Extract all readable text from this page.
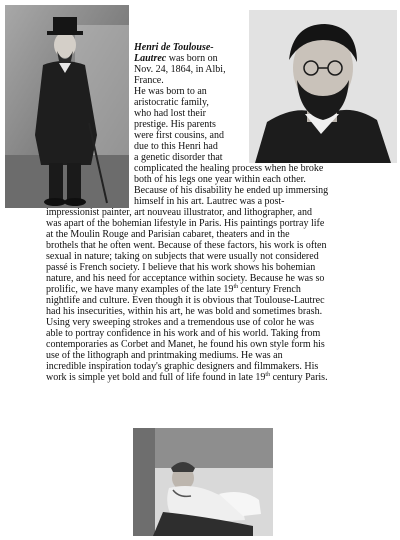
Henri de Toulouse-

Lautrec was born on

Nov. 24, 1864, in Albi,

France.

He was born to an

aristocratic family,

who had lost their

prestige. His parents

were first cousins, and

due to this Henri had

a genetic disorder that

complicated the healing process when he broke

both of his legs one year within each other.

Because of his disability he ended up immersing

himself in his art. Lautrec was a post-

impressionist painter, art nouveau illustrator, and lithographer, and

was apart of the bohemian lifestyle in Paris. His paintings portray life

at the Moulin Rouge and Parisian cabaret, theaters and in the

brothels that he often went. Because of these factors, his work is often

sexual in nature; taking on subjects that were usually not considered

passé is French society. I believe that his work shows his bohemian

nature, and his need for acceptance within society. Because he was so

prolific, we have many examples of the late 19th century French

nightlife and culture. Even though it is obvious that Toulouse-Lautrec

had his insecurities, within his art, he was bold and sometimes brash.

Using very sweeping strokes and a tremendous use of color he was

able to portray confidence in his work and of his world. Taking from

contemporaries as Corbet and Manet, he found his own style form his

use of the lithograph and printmaking mediums. He was an

incredible inspiration today's graphic designers and filmmakers. His

work is simple yet bold and full of life found in late 19th century Paris.
